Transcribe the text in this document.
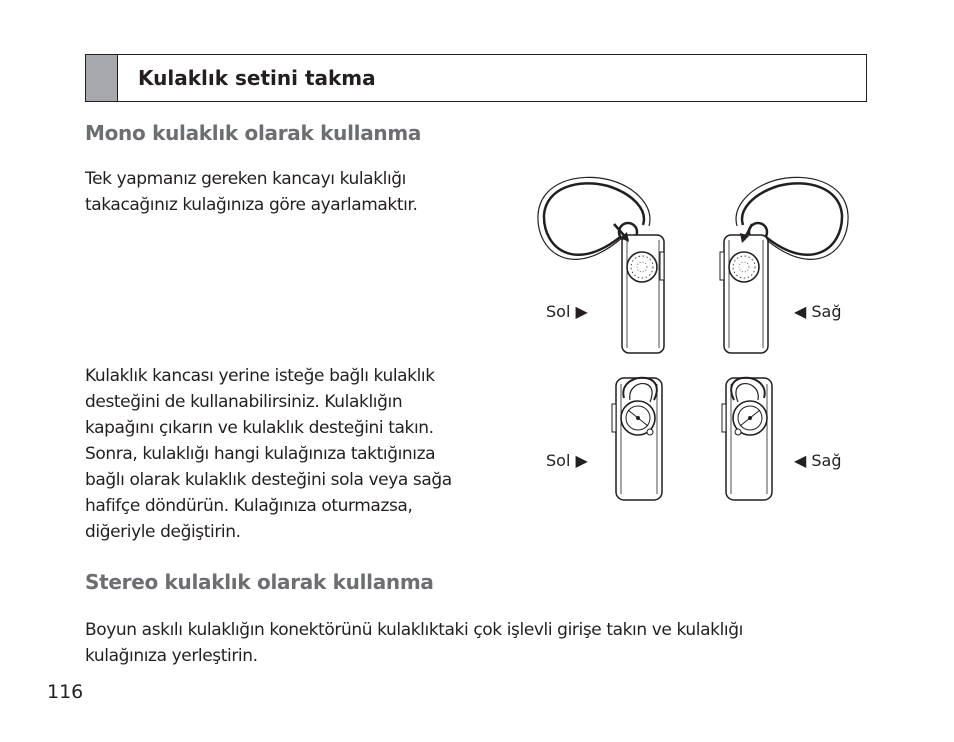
Kulaklık setini takma
Mono kulaklık olarak kullanma
Tek yapmanız gereken kancayı kulaklığı
takacağınız kulağınıza göre ayarlamaktır.
Kulaklık kancası yerine isteğe bağlı kulaklık
desteğini de kullanabilirsiniz. Kulaklığın
kapağını çıkarın ve kulaklık desteğini takın.
Sonra, kulaklığı hangi kulağınıza taktığınıza
bağlı olarak kulaklık desteğini sola veya sağa
hafifçe döndürün. Kulağınıza oturmazsa,
diğeriyle değiştirin.
Sol ▶	◀ Sağ
Sol ▶	◀ Sağ
Stereo kulaklık olarak kullanma
Boyun askılı kulaklığın konektörünü kulaklıktaki çok işlevli girişe takın ve kulaklığı
kulağınıza yerleştirin.
116
